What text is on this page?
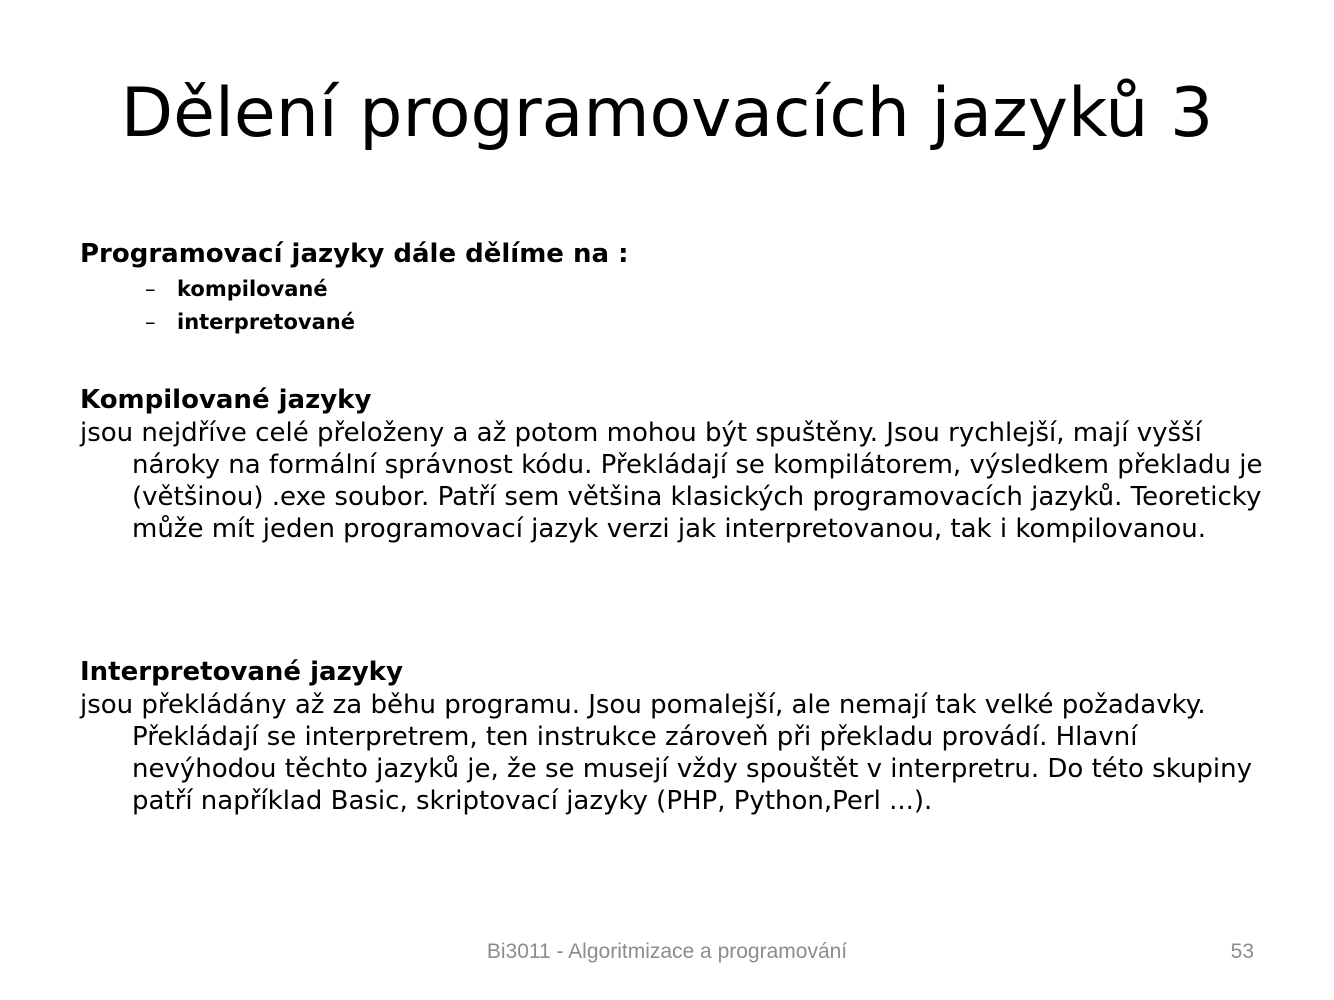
Dělení programovacích jazyků 3

Programovací jazyky dále dělíme na :

–	kompilované
–	interpretované

Kompilované jazyky

jsou nejdříve celé přeloženy a až potom mohou být spuštěny. Jsou rychlejší, mají vyšší nároky na formální správnost kódu. Překládají se kompilátorem, výsledkem překladu je (většinou) .exe soubor. Patří sem většina klasických programovacích jazyků. Teoreticky může mít jeden programovací jazyk verzi jak interpretovanou, tak i kompilovanou.

Interpretované jazyky

jsou překládány až za běhu programu. Jsou pomalejší, ale nemají tak velké požadavky. Překládají se interpretrem, ten instrukce zároveň při překladu provádí. Hlavní nevýhodou těchto jazyků je, že se musejí vždy spouštět v interpretru. Do této skupiny patří například Basic, skriptovací jazyky (PHP, Python,Perl ...).

Bi3011 - Algoritmizace a programování	53
